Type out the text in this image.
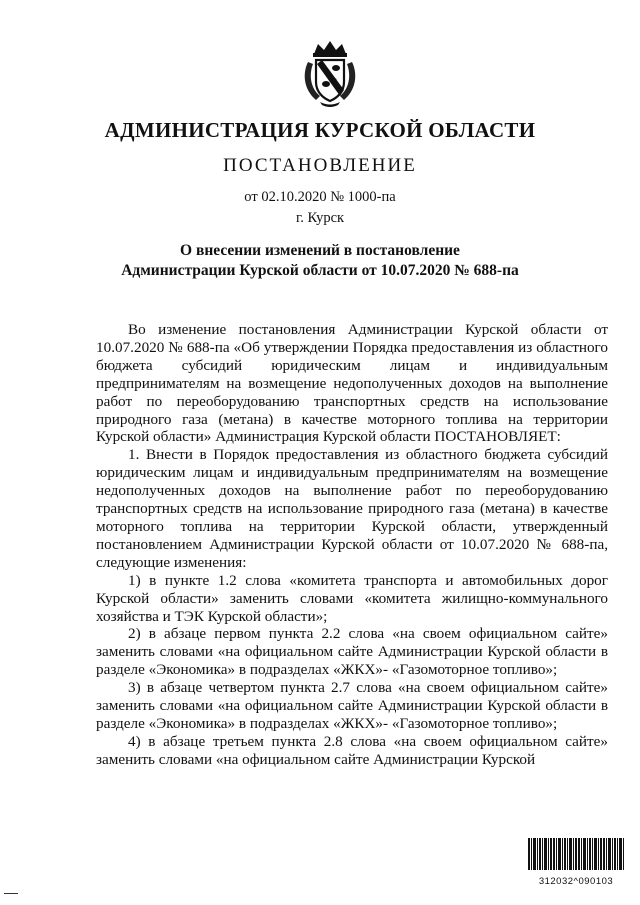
АДМИНИСТРАЦИЯ КУРСКОЙ ОБЛАСТИ
ПОСТАНОВЛЕНИЕ
от 02.10.2020 № 1000-па
г. Курск
О внесении изменений в постановление
Администрации Курской области от 10.07.2020 № 688-па

Во изменение постановления Администрации Курской области от 10.07.2020 № 688-па «Об утверждении Порядка предоставления из областного бюджета субсидий юридическим лицам и индивидуальным предпринимателям на возмещение недополученных доходов на выполнение работ по переоборудованию транспортных средств на использование природного газа (метана) в качестве моторного топлива на территории Курской области» Администрация Курской области ПОСТАНОВЛЯЕТ:

1. Внести в Порядок предоставления из областного бюджета субсидий юридическим лицам и индивидуальным предпринимателям на возмещение недополученных доходов на выполнение работ по переоборудованию транспортных средств на использование природного газа (метана) в качестве моторного топлива на территории Курской области, утвержденный постановлением Администрации Курской области от 10.07.2020 № 688-па, следующие изменения:

1) в пункте 1.2 слова «комитета транспорта и автомобильных дорог Курской области» заменить словами «комитета жилищно-коммунального хозяйства и ТЭК Курской области»;

2) в абзаце первом пункта 2.2 слова «на своем официальном сайте» заменить словами «на официальном сайте Администрации Курской области в разделе «Экономика» в подразделах «ЖКХ»- «Газомоторное топливо»;

3) в абзаце четвертом пункта 2.7 слова «на своем официальном сайте» заменить словами «на официальном сайте Администрации Курской области в разделе «Экономика» в подразделах «ЖКХ»- «Газомоторное топливо»;

4) в абзаце третьем пункта 2.8 слова «на своем официальном сайте» заменить словами «на официальном сайте Администрации Курской

312032^090103
